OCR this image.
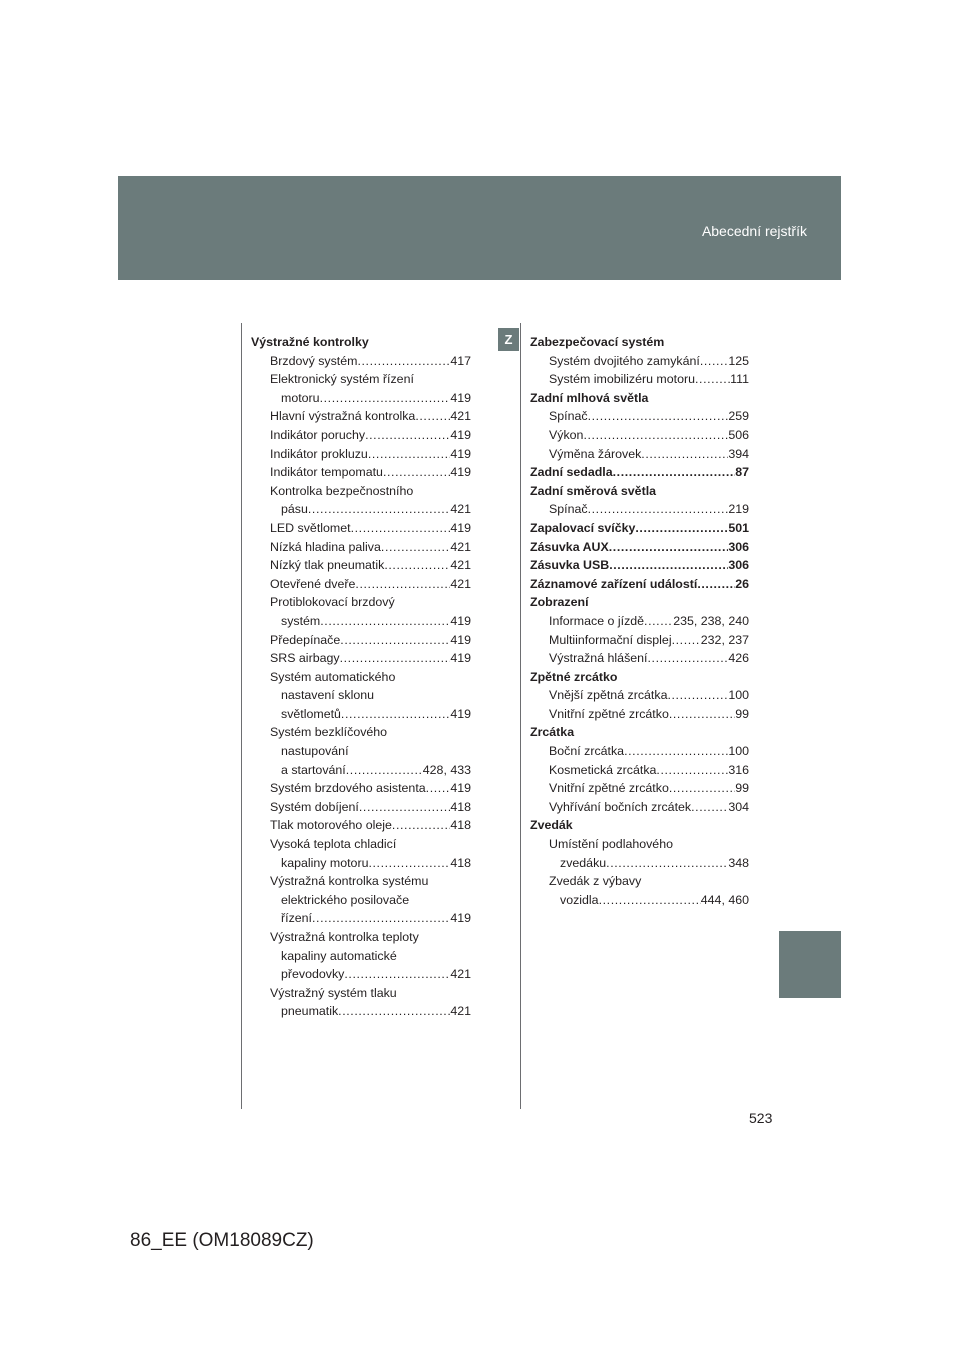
Abecední rejstřík
Z
Výstražné kontrolky
Brzdový systém .....	417
Elektronický systém řízení
motoru .....	419
Hlavní výstražná kontrolka .....	421
Indikátor poruchy .....	419
Indikátor prokluzu .....	419
Indikátor tempomatu .....	419
Kontrolka bezpečnostního
pásu .....	421
LED světlomet .....	419
Nízká hladina paliva .....	421
Nízký tlak pneumatik .....	421
Otevřené dveře .....	421
Protiblokovací brzdový
systém .....	419
Předepínače .....	419
SRS airbagy .....	419
Systém automatického
nastavení sklonu
světlometů .....	419
Systém bezklíčového
nastupování
a startování .....	428, 433
Systém brzdového asistenta ..... 419
Systém dobíjení .....	418
Tlak motorového oleje .....	418
Vysoká teplota chladicí
kapaliny motoru .....	418
Výstražná kontrolka systému
elektrického posilovače
řízení .....	419
Výstražná kontrolka teploty
kapaliny automatické
převodovky .....	421
Výstražný systém tlaku
pneumatik .....	421
Zabezpečovací systém
Systém dvojitého zamykání ..... 125
Systém imobilizéru motoru .....	111
Zadní mlhová světla
Spínač .....	259
Výkon .....	506
Výměna žárovek .....	394
Zadní sedadla .....	87
Zadní směrová světla
Spínač .....	219
Zapalovací svíčky .....	501
Zásuvka AUX .....	306
Zásuvka USB .....	306
Záznamové zařízení událostí .....	26
Zobrazení
Informace o jízdě ..... 235, 238, 240
Multiinformační displej ..... 232, 237
Výstražná hlášení .....	426
Zpětné zrcátko
Vnější zpětná zrcátka .....	100
Vnitřní zpětné zrcátko .....	99
Zrcátka
Boční zrcátka .....	100
Kosmetická zrcátka .....	316
Vnitřní zpětné zrcátko .....	99
Vyhřívání bočních zrcátek .....	304
Zvedák
Umístění podlahového
zvedáku .....	348
Zvedák z výbavy
vozidla .....	444, 460
523
86_EE (OM18089CZ)
